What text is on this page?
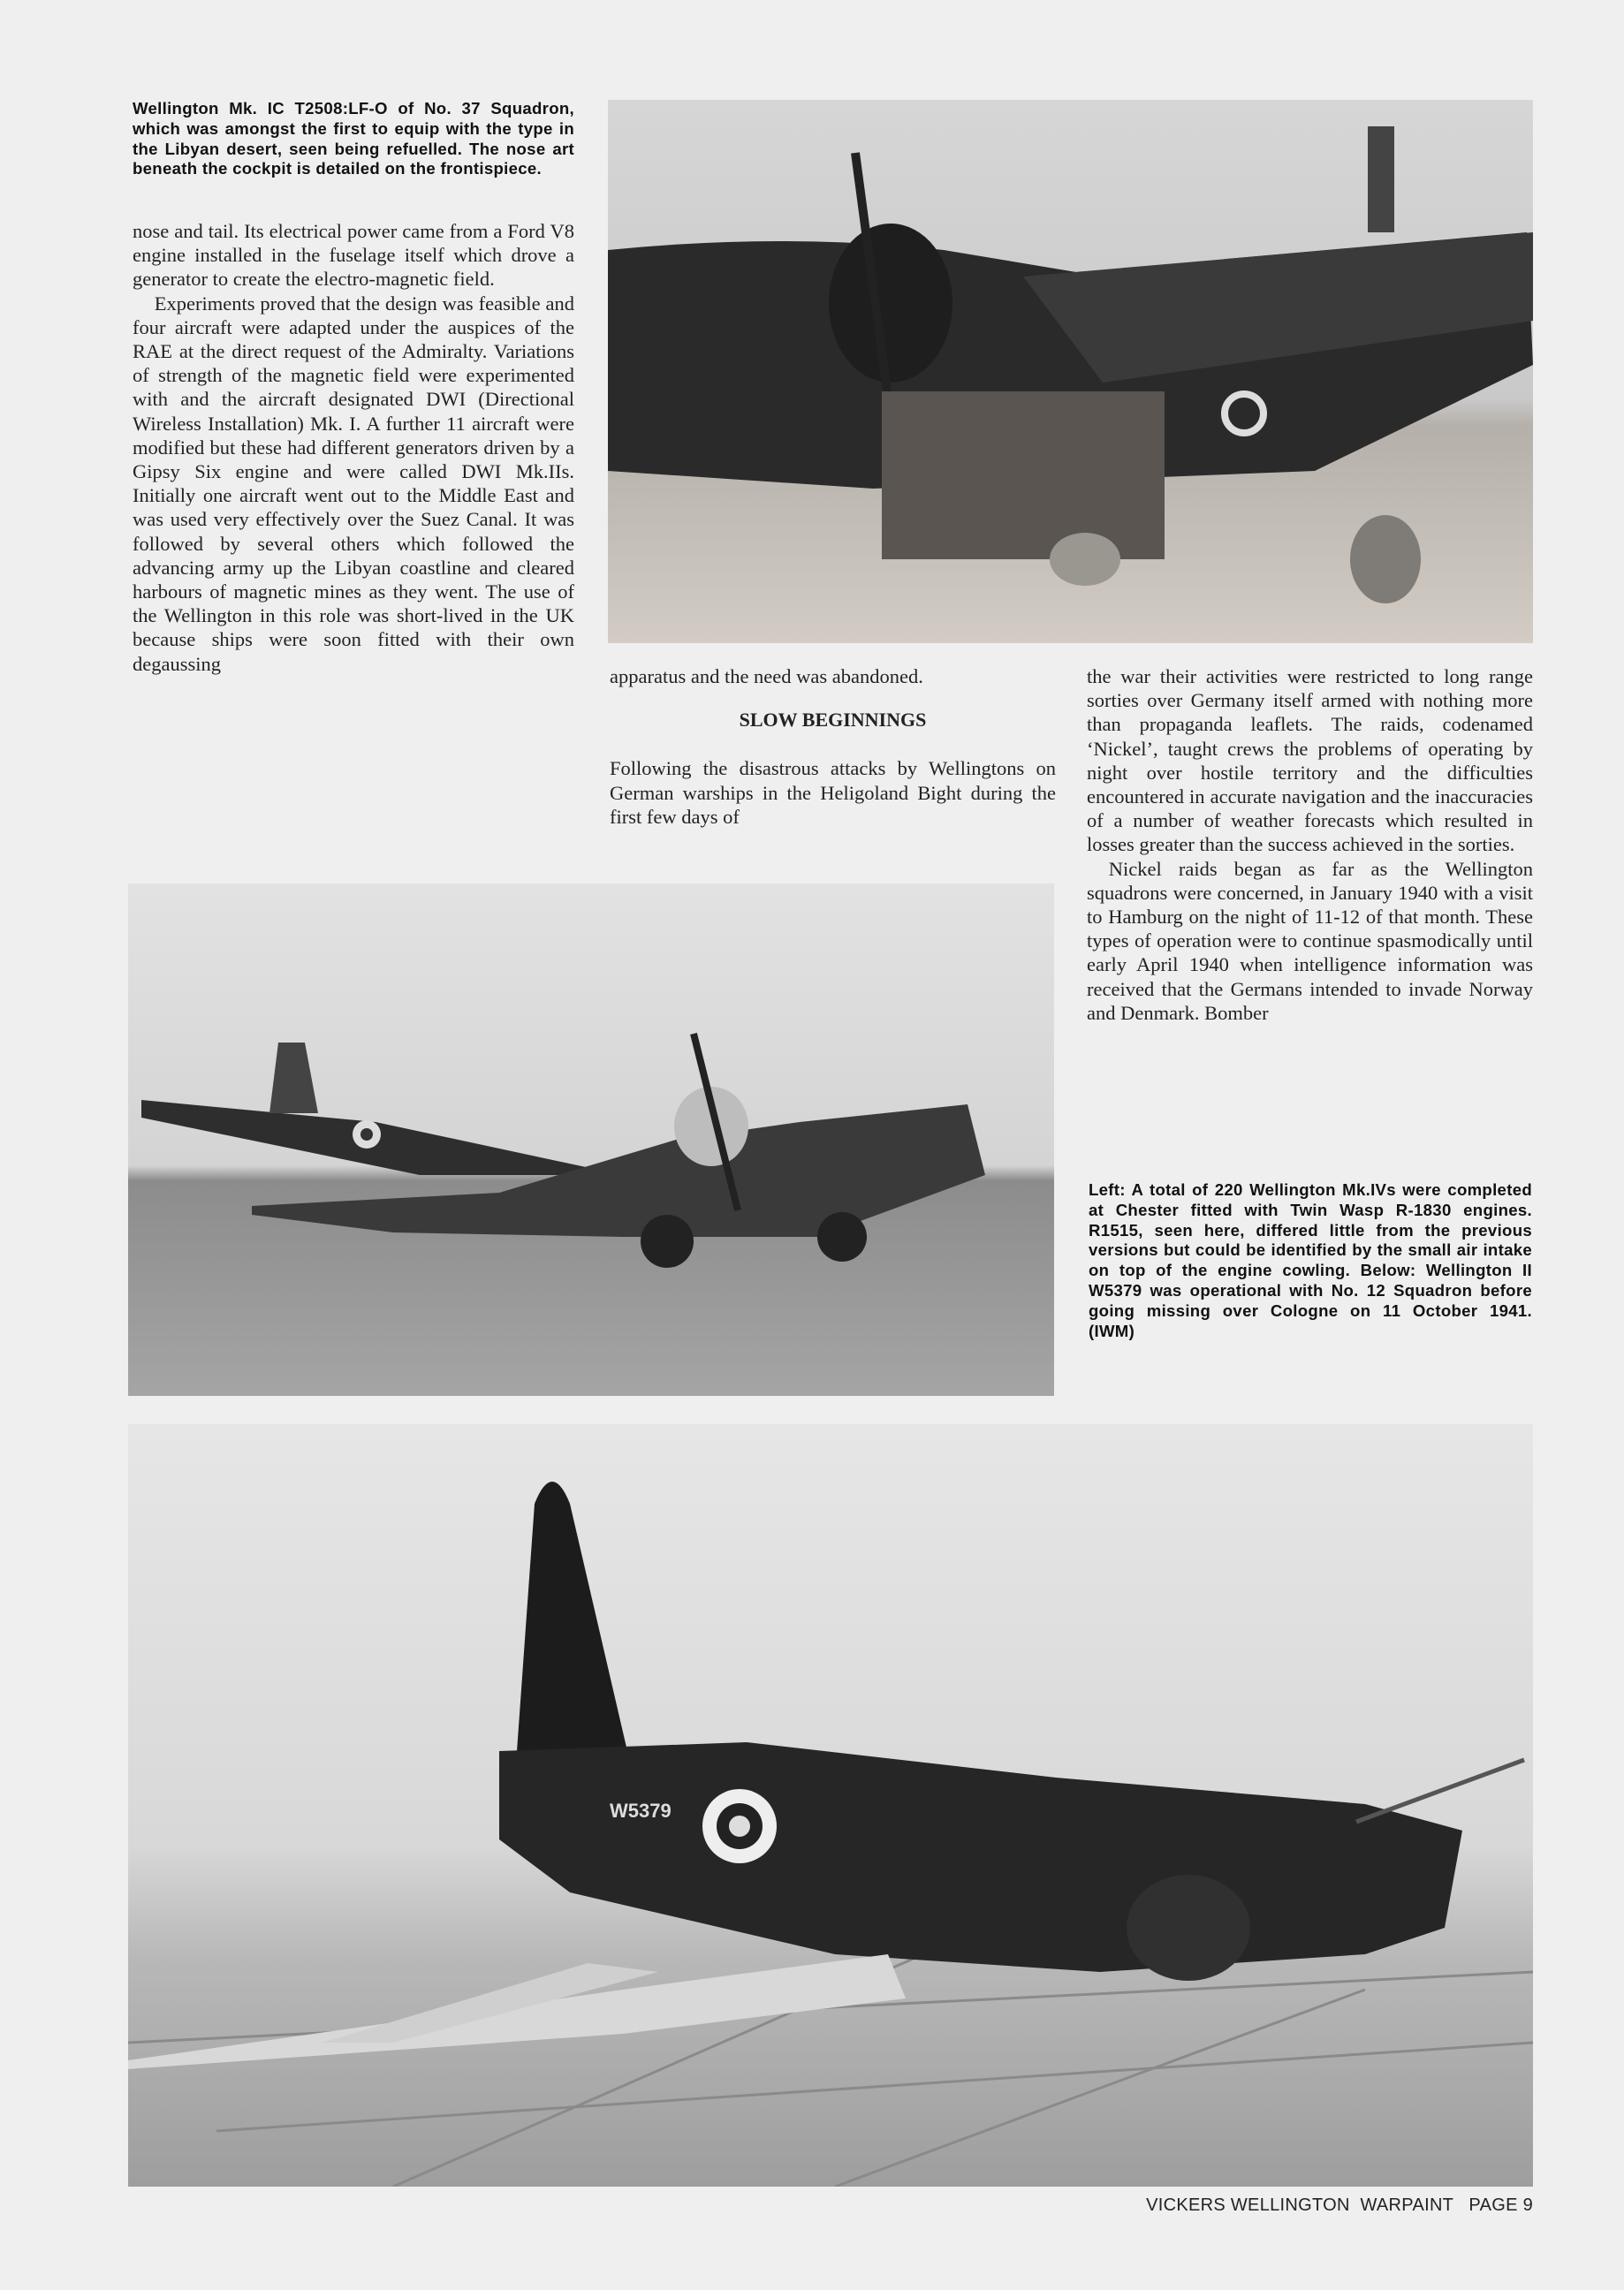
Wellington Mk. IC T2508:LF-O of No. 37 Squadron, which was amongst the first to equip with the type in the Libyan desert, seen being refuelled. The nose art beneath the cockpit is detailed on the frontispiece.

nose and tail. Its electrical power came from a Ford V8 engine installed in the fuselage itself which drove a generator to create the electro-magnetic field.

Experiments proved that the design was feasible and four aircraft were adapted under the auspices of the RAE at the direct request of the Admiralty. Variations of strength of the magnetic field were experimented with and the aircraft designated DWI (Directional Wireless Installation) Mk. I. A further 11 aircraft were modified but these had different generators driven by a Gipsy Six engine and were called DWI Mk.IIs. Initially one aircraft went out to the Middle East and was used very effectively over the Suez Canal. It was followed by several others which followed the advancing army up the Libyan coastline and cleared harbours of magnetic mines as they went. The use of the Wellington in this role was short-lived in the UK because ships were soon fitted with their own degaussing

apparatus and the need was abandoned.

SLOW BEGINNINGS

Following the disastrous attacks by Wellingtons on German warships in the Heligoland Bight during the first few days of

the war their activities were restricted to long range sorties over Germany itself armed with nothing more than propaganda leaflets. The raids, codenamed ‘Nickel’, taught crews the problems of operating by night over hostile territory and the difficulties encountered in accurate navigation and the inaccuracies of a number of weather forecasts which resulted in losses greater than the success achieved in the sorties.

Nickel raids began as far as the Wellington squadrons were concerned, in January 1940 with a visit to Hamburg on the night of 11-12 of that month. These types of operation were to continue spasmodically until early April 1940 when intelligence information was received that the Germans intended to invade Norway and Denmark. Bomber

Left: A total of 220 Wellington Mk.IVs were completed at Chester fitted with Twin Wasp R-1830 engines. R1515, seen here, differed little from the previous versions but could be identified by the small air intake on top of the engine cowling. Below: Wellington II W5379 was operational with No. 12 Squadron before going missing over Cologne on 11 October 1941. (IWM)
W5379
VICKERS WELLINGTON  WARPAINT PAGE 9
